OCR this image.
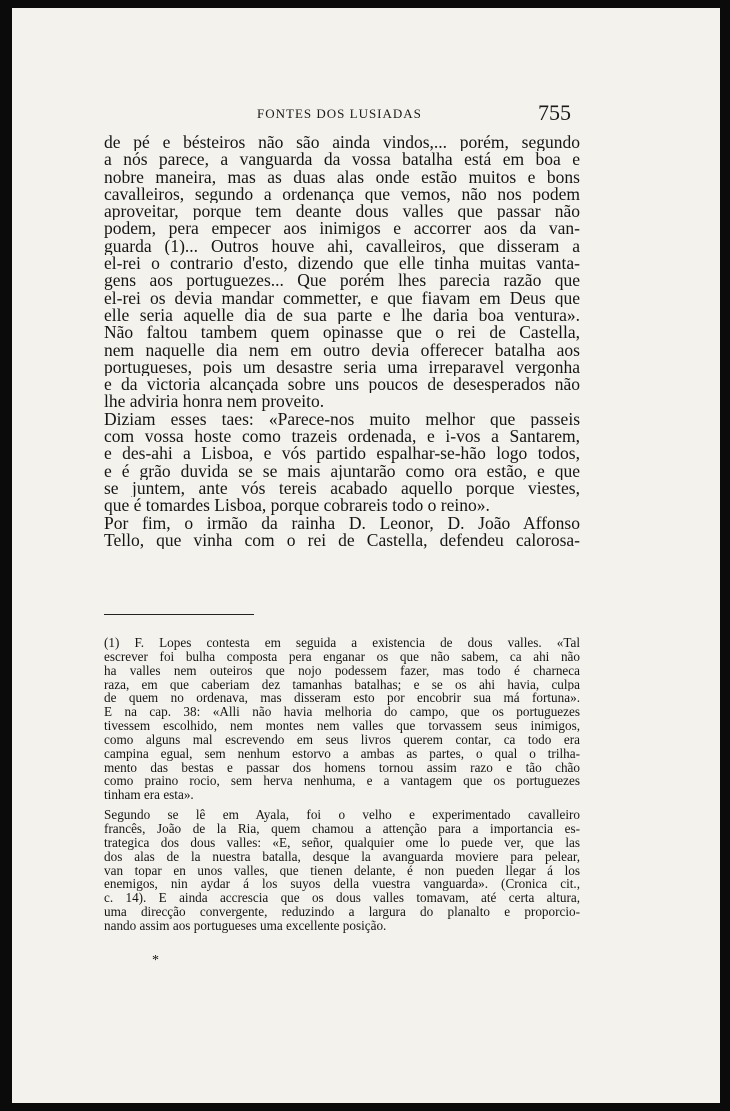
FONTES DOS LUSIADAS	755
de pé e bésteiros não são ainda vindos,... porém, segundo
a nós parece, a vanguarda da vossa batalha está em boa e
nobre maneira, mas as duas alas onde estão muitos e bons
cavalleiros, segundo a ordenança que vemos, não nos podem
aproveitar, porque tem deante dous valles que passar não
podem, pera empecer aos inimigos e accorrer aos da van-
guarda (1)... Outros houve ahi, cavalleiros, que disseram a
el-rei o contrario d'esto, dizendo que elle tinha muitas vanta-
gens aos portuguezes... Que porém lhes parecia razão que
el-rei os devia mandar commetter, e que fiavam em Deus que
elle seria aquelle dia de sua parte e lhe daria boa ventura».
Não faltou tambem quem opinasse que o rei de Castella,
nem naquelle dia nem em outro devia offerecer batalha aos
portugueses, pois um desastre seria uma irreparavel vergonha
e da victoria alcançada sobre uns poucos de desesperados não
lhe adviria honra nem proveito.
Diziam esses taes: «Parece-nos muito melhor que passeis
com vossa hoste como trazeis ordenada, e i-vos a Santarem,
e des-ahi a Lisboa, e vós partido espalhar-se-hão logo todos,
e é grão duvida se se mais ajuntarão como ora estão, e que
se juntem, ante vós tereis acabado aquello porque viestes,
que é tomardes Lisboa, porque cobrareis todo o reino».
Por fim, o irmão da rainha D. Leonor, D. João Affonso
Tello, que vinha com o rei de Castella, defendeu calorosa-
(1) F. Lopes contesta em seguida a existencia de dous valles. «Tal
escrever foi bulha composta pera enganar os que não sabem, ca ahi não
ha valles nem outeiros que nojo podessem fazer, mas todo é charneca
raza, em que caberiam dez tamanhas batalhas; e se os ahi havia, culpa
de quem no ordenava, mas disseram esto por encobrir sua má fortuna».
E na cap. 38: «Alli não havia melhoria do campo, que os portuguezes
tivessem escolhido, nem montes nem valles que torvassem seus inimigos,
como alguns mal escrevendo em seus livros querem contar, ca todo era
campina egual, sem nenhum estorvo a ambas as partes, o qual o trilha-
mento das bestas e passar dos homens tornou assim razo e tão chão
como praino rocio, sem herva nenhuma, e a vantagem que os portuguezes
tinham era esta».
Segundo se lê em Ayala, foi o velho e experimentado cavalleiro
francês, João de la Ria, quem chamou a attenção para a importancia es-
trategica dos dous valles: «E, señor, qualquier ome lo puede ver, que las
dos alas de la nuestra batalla, desque la avanguarda moviere para pelear,
van topar en unos valles, que tienen delante, é non pueden llegar á los
enemigos, nin aydar á los suyos della vuestra vanguarda». (Cronica cit.,
c. 14). E ainda accrescia que os dous valles tomavam, até certa altura,
uma direcção convergente, reduzindo a largura do planalto e proporcio-
nando assim aos portugueses uma excellente posição.
*
